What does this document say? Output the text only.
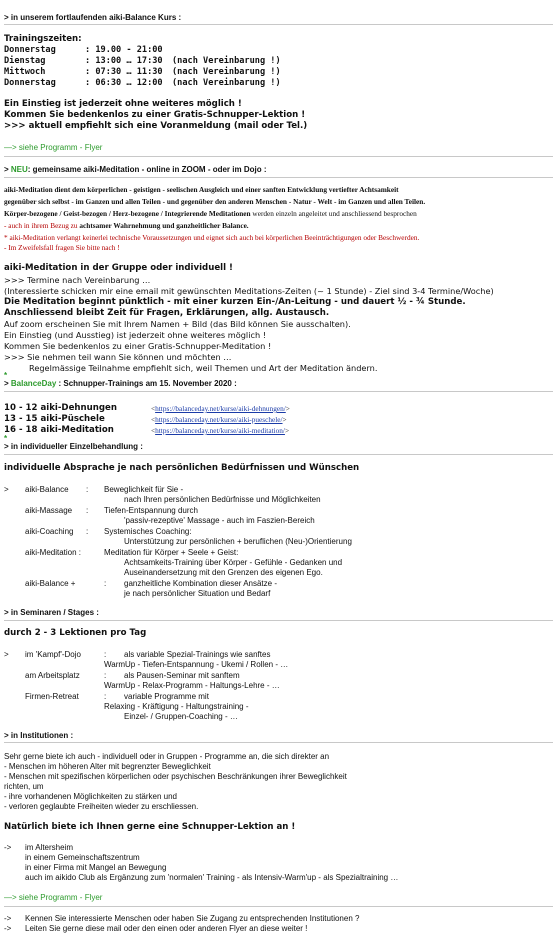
> in unserem fortlaufenden aiki-Balance Kurs :
Trainingszeiten:
Donnerstag	: 19.00 - 21:00
Dienstag	: 13:00 … 17:30 (nach Vereinbarung !)
Mittwoch	: 07:30 … 11:30 (nach Vereinbarung !)
Donnerstag	: 06:30 … 12:00 (nach Vereinbarung !)
Ein Einstieg ist jederzeit ohne weiteres möglich !
Kommen Sie bedenkenlos zu einer Gratis-Schnupper-Lektion !
>>> aktuell empfiehlt sich eine Voranmeldung (mail oder Tel.)
—> siehe Programm - Flyer
> NEU: gemeinsame aiki-Meditation - online in ZOOM - oder im Dojo :
aiki-Meditation dient dem körperlichen - geistigen - seelischen Ausgleich und einer sanften Entwicklung vertiefter Achtsamkeit
gegenüber sich selbst - im Ganzen und allen Teilen - und gegenüber den anderen Menschen - Natur - Welt - im Ganzen und allen Teilen.
Körper-bezogene / Geist-bezogen / Herz-bezogene / Integrierende Meditationen werden einzeln angeleitet und anschliessend besprochen
- auch in ihrem Bezug zu achtsamer Wahrnehmung und ganzheitlicher Balance.
* aiki-Meditation verlangt keinerlei technische Voraussetzungen und eignet sich auch bei körperlichen Beeinträchtigungen oder Beschwerden.
- Im Zweifelsfall fragen Sie bitte nach !
aiki-Meditation in der Gruppe oder individuell !
>>> Termine nach Vereinbarung …
(Interessierte schicken mir eine email mit gewünschten Meditations-Zeiten (~ 1 Stunde) - Ziel sind 3-4 Termine/Woche)
Die Meditation beginnt pünktlich - mit einer kurzen Ein-/An-Leitung - und dauert ½ - ¾ Stunde.
Anschliessend bleibt Zeit für Fragen, Erklärungen, allg. Austausch.
Auf zoom erscheinen Sie mit Ihrem Namen + Bild (das Bild können Sie ausschalten).
Ein Einstieg (und Ausstieg) ist jederzeit ohne weiteres möglich !
Kommen Sie bedenkenlos zu einer Gratis-Schnupper-Meditation !
>>> Sie nehmen teil wann Sie können und möchten …
Regelmässige Teilnahme empfiehlt sich, weil Themen und Art der Meditation ändern.
*
> BalanceDay : Schnupper-Trainings am 15. November 2020 :
10 - 12 aiki-Dehnungen	<https://balanceday.net/kurse/aiki-dehnungen/>
13 - 15 aiki-Püschele	<https://balanceday.net/kurse/aiki-pueschele/>
16 - 18 aiki-Meditation	<https://balanceday.net/kurse/aiki-meditation/>
*
> in individueller Einzelbehandlung :
individuelle Absprache je nach persönlichen Bedürfnissen und Wünschen
> aiki-Balance : Beweglichkeit für Sie -
nach Ihren persönlichen Bedürfnisse und Möglichkeiten
aiki-Massage : Tiefen-Entspannung durch
'passiv-rezeptive' Massage - auch im Faszien-Bereich
aiki-Coaching : Systemisches Coaching:
Unterstützung zur persönlichen + beruflichen (Neu-)Orientierung
aiki-Meditation :	Meditation für Körper + Seele + Geist:
Achtsamkeits-Training über Körper - Gefühle - Gedanken und
Auseinandersetzung mit den Grenzen des eigenen Ego.
aiki-Balance +	: ganzheitliche Kombination dieser Ansätze -
je nach persönlicher Situation und Bedarf
> in Seminaren / Stages :
durch 2 - 3 Lektionen pro Tag
> im 'Kampf'-Dojo	: als variable Spezial-Trainings wie sanftes
WarmUp - Tiefen-Entspannung - Ukemi / Rollen - …
am Arbeitsplatz	: als Pausen-Seminar mit sanftem
WarmUp - Relax-Programm - Haltungs-Lehre - …
Firmen-Retreat	: variable Programme mit
Relaxing - Kräftigung - Haltungstraining -
Einzel- / Gruppen-Coaching - …
> in Institutionen :
Sehr gerne biete ich auch - individuell oder in Gruppen - Programme an, die sich direkter an
- Menschen im höheren Alter mit begrenzter Beweglichkeit
- Menschen mit spezifischen körperlichen oder psychischen Beschränkungen ihrer Beweglichkeit
richten, um
- ihre vorhandenen Möglichkeiten zu stärken und
- verloren geglaubte Freiheiten wieder zu erschliessen.
Natürlich biete ich Ihnen gerne eine Schnupper-Lektion an !
-> im Altersheim
in einem Gemeinschaftszentrum
in einer Firma mit Mangel an Bewegung
auch im aikido Club als Ergänzung zum 'normalen' Training - als Intensiv-Warm'up - als Spezialtraining …
—> siehe Programm - Flyer
-> Kennen Sie interessierte Menschen oder haben Sie Zugang zu entsprechenden Institutionen ?
-> Leiten Sie gerne diese mail oder den einen oder anderen Flyer an diese weiter !
